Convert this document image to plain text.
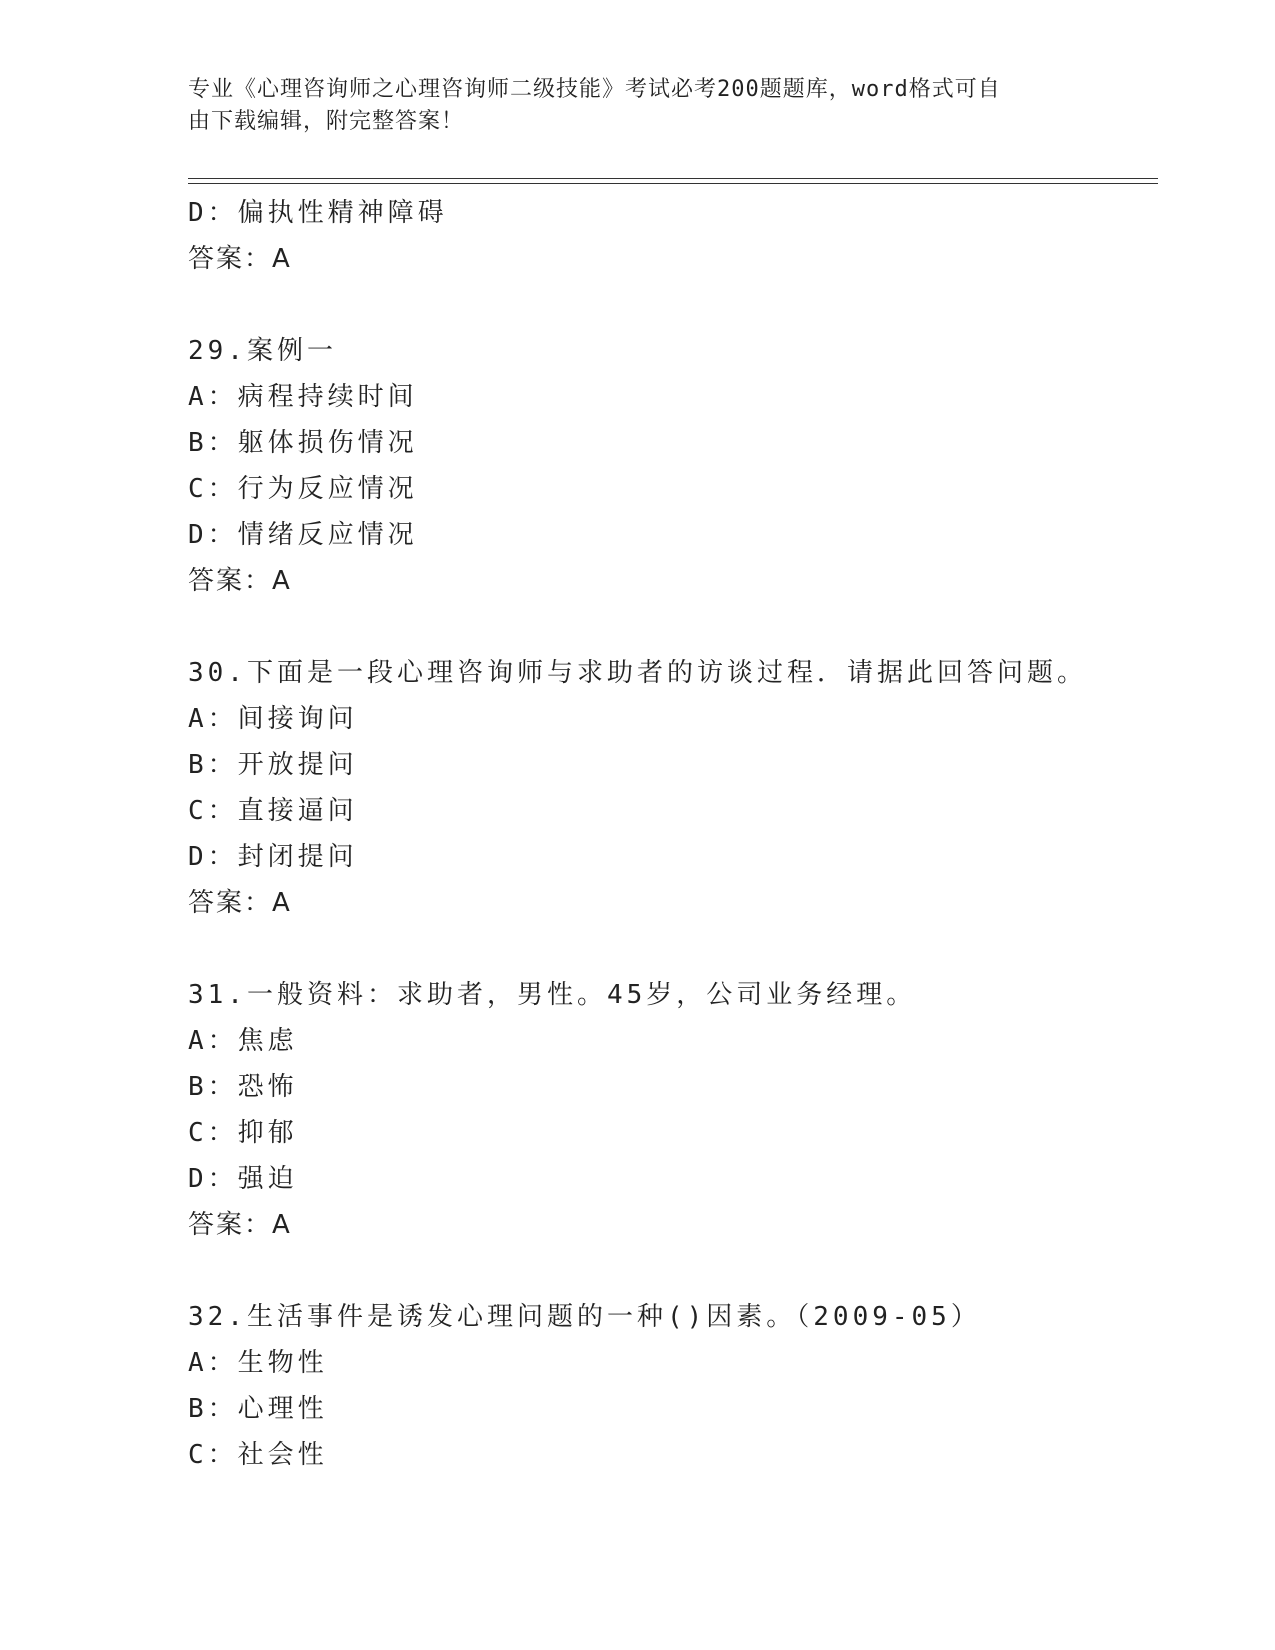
专业《心理咨询师之心理咨询师二级技能》考试必考200题题库，word格式可自
由下载编辑，附完整答案！
D：偏执性精神障碍
答案：A
29.案例一
A：病程持续时间
B：躯体损伤情况
C：行为反应情况
D：情绪反应情况
答案：A
30.下面是一段心理咨询师与求助者的访谈过程．请据此回答问题。
A：间接询问
B：开放提问
C：直接逼问
D：封闭提问
答案：A
31.一般资料：求助者，男性。45岁，公司业务经理。
A：焦虑
B：恐怖
C：抑郁
D：强迫
答案：A
32.生活事件是诱发心理问题的一种()因素。（2009-05）
A：生物性
B：心理性
C：社会性
